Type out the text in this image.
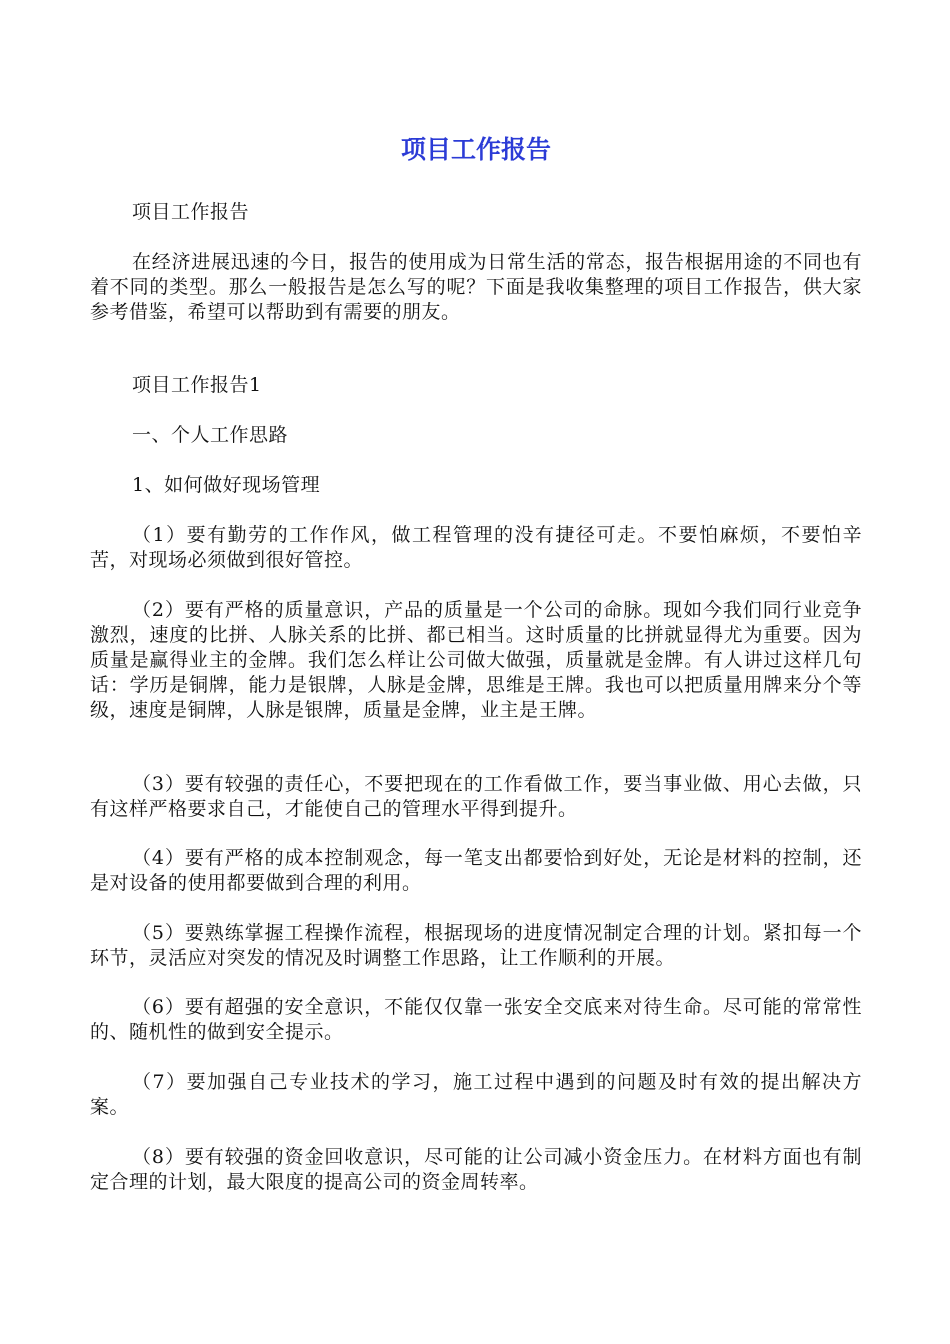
项目工作报告

项目工作报告

在经济进展迅速的今日，报告的使用成为日常生活的常态，报告根据用途的不同也有着不同的类型。那么一般报告是怎么写的呢？下面是我收集整理的项目工作报告，供大家参考借鉴，希望可以帮助到有需要的朋友。

项目工作报告1

一、个人工作思路

1、如何做好现场管理

（1）要有勤劳的工作作风，做工程管理的没有捷径可走。不要怕麻烦，不要怕辛苦，对现场必须做到很好管控。

（2）要有严格的质量意识，产品的质量是一个公司的命脉。现如今我们同行业竞争激烈，速度的比拼、人脉关系的比拼、都已相当。这时质量的比拼就显得尤为重要。因为质量是赢得业主的金牌。我们怎么样让公司做大做强，质量就是金牌。有人讲过这样几句话：学历是铜牌，能力是银牌，人脉是金牌，思维是王牌。我也可以把质量用牌来分个等级，速度是铜牌，人脉是银牌，质量是金牌，业主是王牌。

（3）要有较强的责任心，不要把现在的工作看做工作，要当事业做、用心去做，只有这样严格要求自己，才能使自己的管理水平得到提升。

（4）要有严格的成本控制观念，每一笔支出都要恰到好处，无论是材料的控制，还是对设备的使用都要做到合理的利用。

（5）要熟练掌握工程操作流程，根据现场的进度情况制定合理的计划。紧扣每一个环节，灵活应对突发的情况及时调整工作思路，让工作顺利的开展。

（6）要有超强的安全意识，不能仅仅靠一张安全交底来对待生命。尽可能的常常性的、随机性的做到安全提示。

（7）要加强自己专业技术的学习，施工过程中遇到的问题及时有效的提出解决方案。

（8）要有较强的资金回收意识，尽可能的让公司减小资金压力。在材料方面也有制定合理的计划，最大限度的提高公司的资金周转率。
